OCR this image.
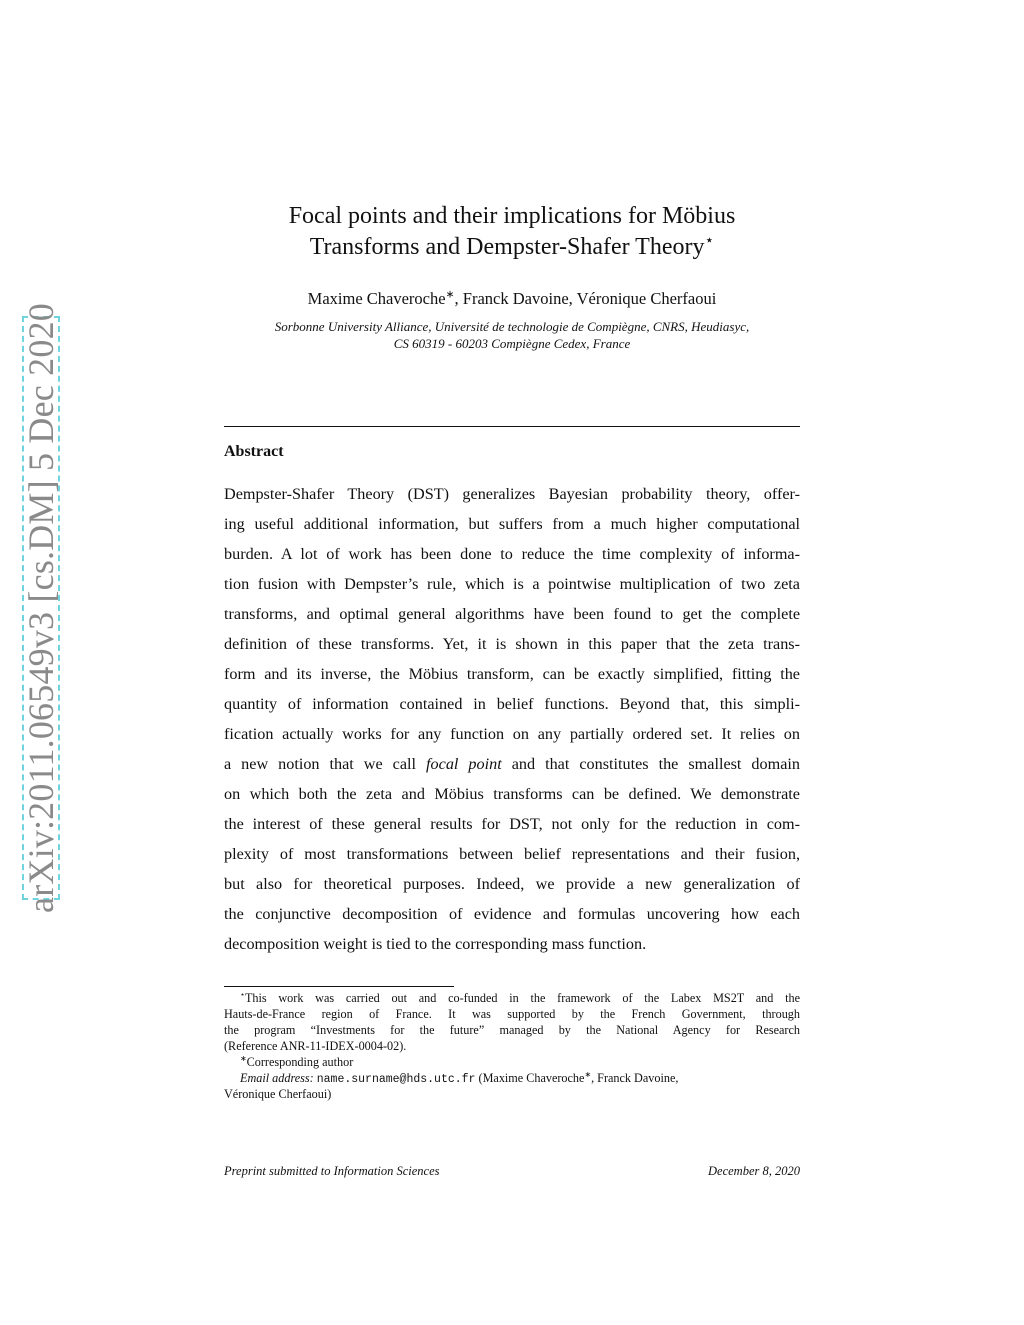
arXiv:2011.06549v3 [cs.DM] 5 Dec 2020
Focal points and their implications for Möbius
Transforms and Dempster-Shafer Theory⋆
Maxime Chaveroche∗, Franck Davoine, Véronique Cherfaoui
Sorbonne University Alliance, Université de technologie de Compiègne, CNRS, Heudiasyc,
CS 60319 - 60203 Compiègne Cedex, France
Abstract
Dempster-Shafer Theory (DST) generalizes Bayesian probability theory, offer-
ing useful additional information, but suffers from a much higher computational
burden. A lot of work has been done to reduce the time complexity of informa-
tion fusion with Dempster’s rule, which is a pointwise multiplication of two zeta
transforms, and optimal general algorithms have been found to get the complete
definition of these transforms. Yet, it is shown in this paper that the zeta trans-
form and its inverse, the Möbius transform, can be exactly simplified, fitting the
quantity of information contained in belief functions. Beyond that, this simpli-
fication actually works for any function on any partially ordered set. It relies on
a new notion that we call focal point and that constitutes the smallest domain
on which both the zeta and Möbius transforms can be defined. We demonstrate
the interest of these general results for DST, not only for the reduction in com-
plexity of most transformations between belief representations and their fusion,
but also for theoretical purposes. Indeed, we provide a new generalization of
the conjunctive decomposition of evidence and formulas uncovering how each
decomposition weight is tied to the corresponding mass function.
⋆This work was carried out and co-funded in the framework of the Labex MS2T and the
Hauts-de-France region of France. It was supported by the French Government, through
the program “Investments for the future” managed by the National Agency for Research
(Reference ANR-11-IDEX-0004-02).
∗Corresponding author
Email address: name.surname@hds.utc.fr (Maxime Chaveroche∗, Franck Davoine,
Véronique Cherfaoui)
Preprint submitted to Information Sciences	December 8, 2020
